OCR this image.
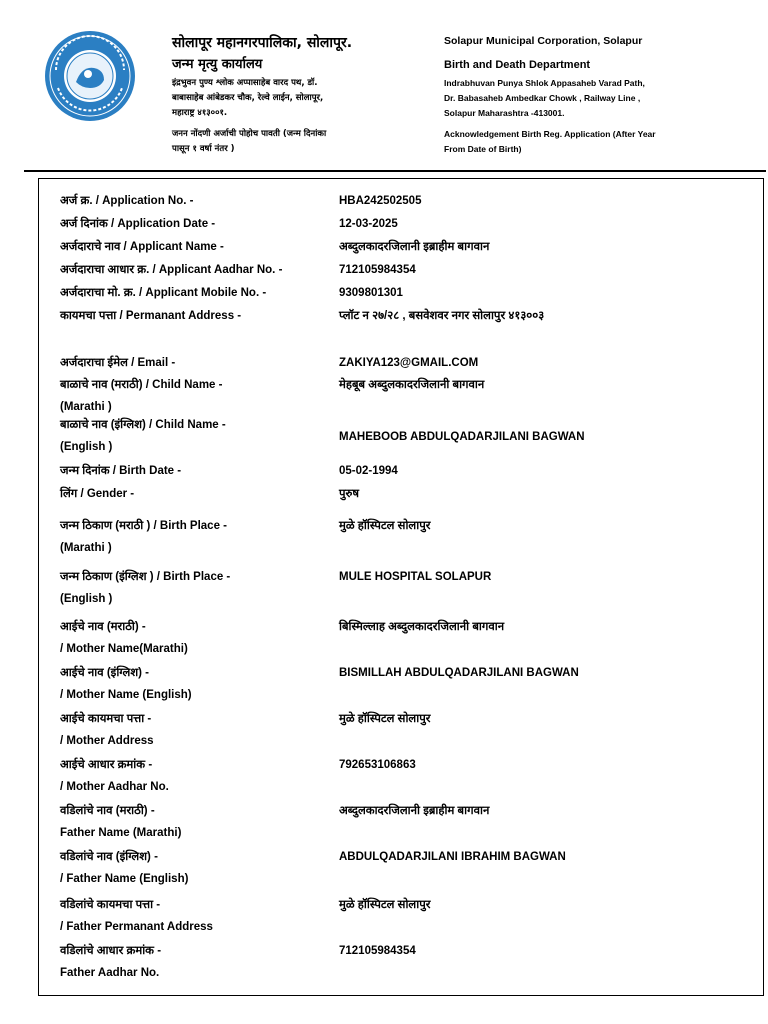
सोलापूर महानगरपालिका, सोलापूर.
जन्म मृत्यु कार्यालय
इंद्रभुवन पुण्य श्लोक अप्पासाहेब वारद पथ, डॉ.
बाबासाहेब आंबेडकर चौक, रेल्वे लाईन, सोलापूर,
महाराष्ट्र ४१३००१.
जनन नोंदणी अर्जाची पोहोच पावती (जन्म दिनांका
पासून १ वर्षा नंतर )
Solapur Municipal Corporation, Solapur
Birth and Death Department
Indrabhuvan Punya Shlok Appasaheb Varad Path,
Dr. Babasaheb Ambedkar Chowk , Railway Line ,
Solapur Maharashtra -413001.
Acknowledgement Birth Reg. Application (After Year
From Date of Birth)
अर्ज क्र. / Application No. -	HBA242502505
अर्ज दिनांक / Application Date -	12-03-2025
अर्जदाराचे नाव / Applicant Name -	अब्दुलकादरजिलानी इब्राहीम बागवान
अर्जदाराचा आधार क्र. / Applicant Aadhar No. -	712105984354
अर्जदाराचा मो. क्र. / Applicant Mobile No. -	9309801301
कायमचा पत्ता / Permanant Address -	प्लॉट न २७/२८ , बसवेशवर नगर सोलापुर ४१३००३
अर्जदाराचा ईमेल / Email -	ZAKIYA123@GMAIL.COM
बाळाचे नाव (मराठी) / Child Name -
(Marathi )
मेहबूब अब्दुलकादरजिलानी बागवान
बाळाचे नाव (इंग्लिश) / Child Name -
(English )
MAHEBOOB ABDULQADARJILANI BAGWAN
जन्म दिनांक / Birth Date -	05-02-1994
लिंग / Gender -	पुरुष
जन्म ठिकाण (मराठी ) / Birth Place -
(Marathi )
मुळे हॉस्पिटल सोलापुर
जन्म ठिकाण (इंग्लिश ) / Birth Place -
(English )
MULE HOSPITAL SOLAPUR
आईचे नाव (मराठी) -
/ Mother Name(Marathi)
बिस्मिल्लाह अब्दुलकादरजिलानी बागवान
आईचे नाव (इंग्लिश) -
/ Mother Name (English)
BISMILLAH ABDULQADARJILANI BAGWAN
आईचे कायमचा पत्ता -
/ Mother Address
मुळे हॉस्पिटल सोलापुर
आईचे आधार क्रमांक -
/ Mother Aadhar No.
792653106863
वडिलांचे नाव (मराठी) -
Father Name (Marathi)
अब्दुलकादरजिलानी इब्राहीम बागवान
वडिलांचे नाव (इंग्लिश) -
/ Father Name (English)
ABDULQADARJILANI IBRAHIM BAGWAN
वडिलांचे कायमचा पत्ता -
/ Father Permanant Address
मुळे हॉस्पिटल सोलापुर
वडिलांचे आधार क्रमांक -
Father Aadhar No.
712105984354
